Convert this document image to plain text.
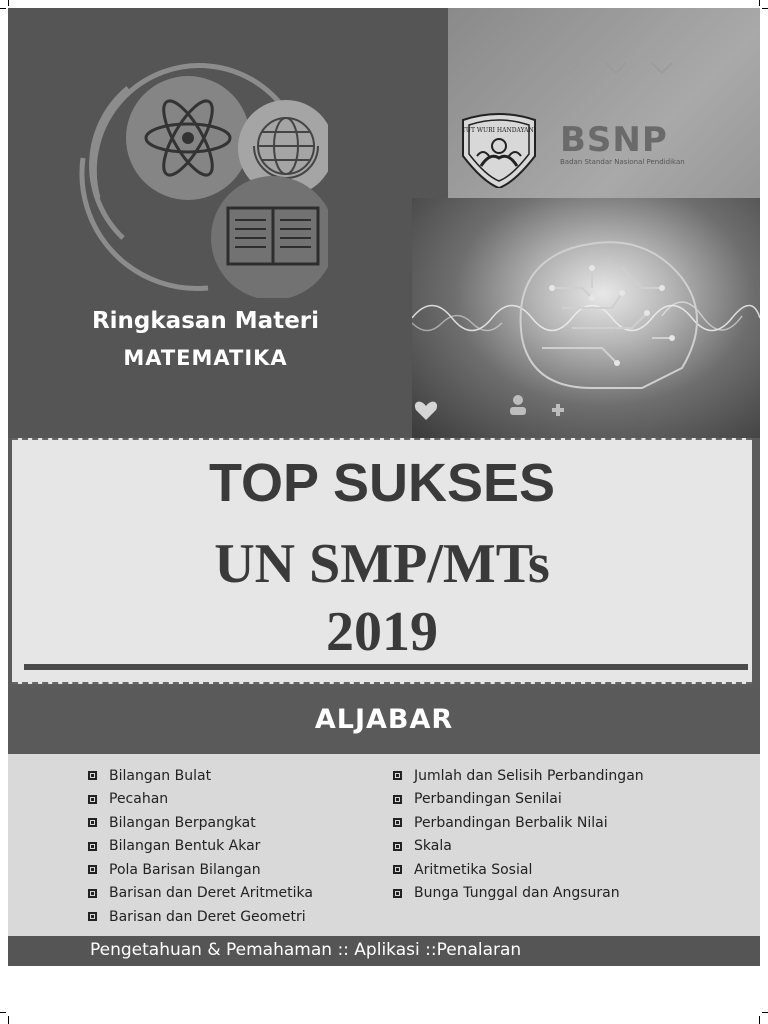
TUT WURI HANDAYANI BSNP
Badan Standar Nasional Pendidikan
Ringkasan Materi
MATEMATIKA
TOP SUKSES
UN SMP/MTs
2019
ALJABAR
Bilangan Bulat
Pecahan
Bilangan Berpangkat
Bilangan Bentuk Akar
Pola Barisan Bilangan
Barisan dan Deret Aritmetika
Barisan dan Deret Geometri
Jumlah dan Selisih Perbandingan
Perbandingan Senilai
Perbandingan Berbalik Nilai
Skala
Aritmetika Sosial
Bunga Tunggal dan Angsuran
Pengetahuan & Pemahaman :: Aplikasi ::Penalaran
